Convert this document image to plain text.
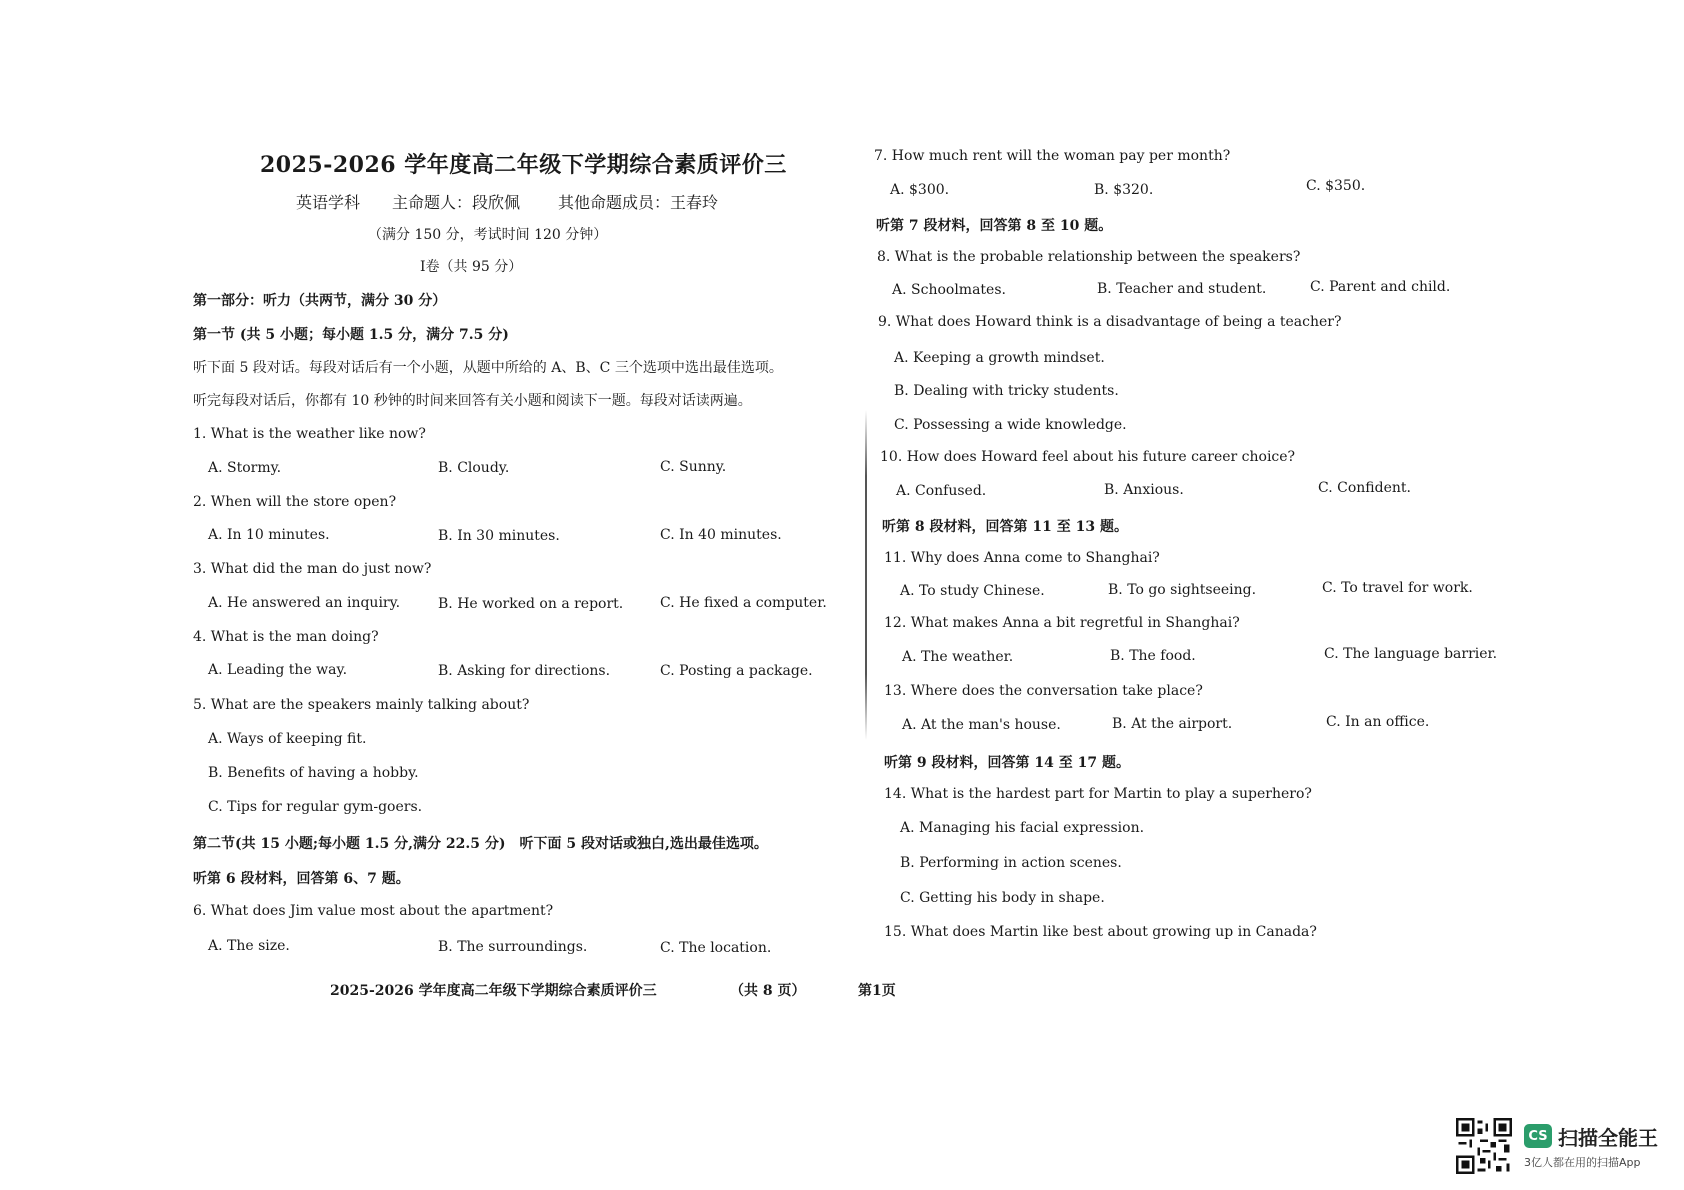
2025-2026 学年度高二年级下学期综合素质评价三
英语学科 主命题人：段欣佩 其他命题成员：王春玲
（满分 150 分，考试时间 120 分钟）
Ⅰ卷（共 95 分）
第一部分：听力（共两节，满分 30 分）
第一节 (共 5 小题；每小题 1.5 分，满分 7.5 分)
听下面 5 段对话。每段对话后有一个小题，从题中所给的 A、B、C 三个选项中选出最佳选项。
听完每段对话后，你都有 10 秒钟的时间来回答有关小题和阅读下一题。每段对话读两遍。
1. What is the weather like now?
A. Stormy.	B. Cloudy.	C. Sunny.
2. When will the store open?
A. In 10 minutes.	B. In 30 minutes.	C. In 40 minutes.
3. What did the man do just now?
A. He answered an inquiry.	B. He worked on a report.	C. He fixed a computer.
4. What is the man doing?
A. Leading the way.	B. Asking for directions.	C. Posting a package.
5. What are the speakers mainly talking about?
A. Ways of keeping fit.
B. Benefits of having a hobby.
C. Tips for regular gym-goers.
第二节(共 15 小题;每小题 1.5 分,满分 22.5 分)　听下面 5 段对话或独白,选出最佳选项。
听第 6 段材料，回答第 6、7 题。
6. What does Jim value most about the apartment?
A. The size.	B. The surroundings.	C. The location.
2025-2026 学年度高二年级下学期综合素质评价三	（共 8 页）	第1页
7. How much rent will the woman pay per month?
A. $300.	B. $320.	C. $350.
听第 7 段材料，回答第 8 至 10 题。
8. What is the probable relationship between the speakers?
A. Schoolmates.	B. Teacher and student.	C. Parent and child.
9. What does Howard think is a disadvantage of being a teacher?
A. Keeping a growth mindset.
B. Dealing with tricky students.
C. Possessing a wide knowledge.
10. How does Howard feel about his future career choice?
A. Confused.	B. Anxious.	C. Confident.
听第 8 段材料，回答第 11 至 13 题。
11. Why does Anna come to Shanghai?
A. To study Chinese.	B. To go sightseeing.	C. To travel for work.
12. What makes Anna a bit regretful in Shanghai?
A. The weather.	B. The food.	C. The language barrier.
13. Where does the conversation take place?
A. At the man's house.	B. At the airport.	C. In an office.
听第 9 段材料，回答第 14 至 17 题。
14. What is the hardest part for Martin to play a superhero?
A. Managing his facial expression.
B. Performing in action scenes.
C. Getting his body in shape.
15. What does Martin like best about growing up in Canada?
CS 扫描全能王
3亿人都在用的扫描App
